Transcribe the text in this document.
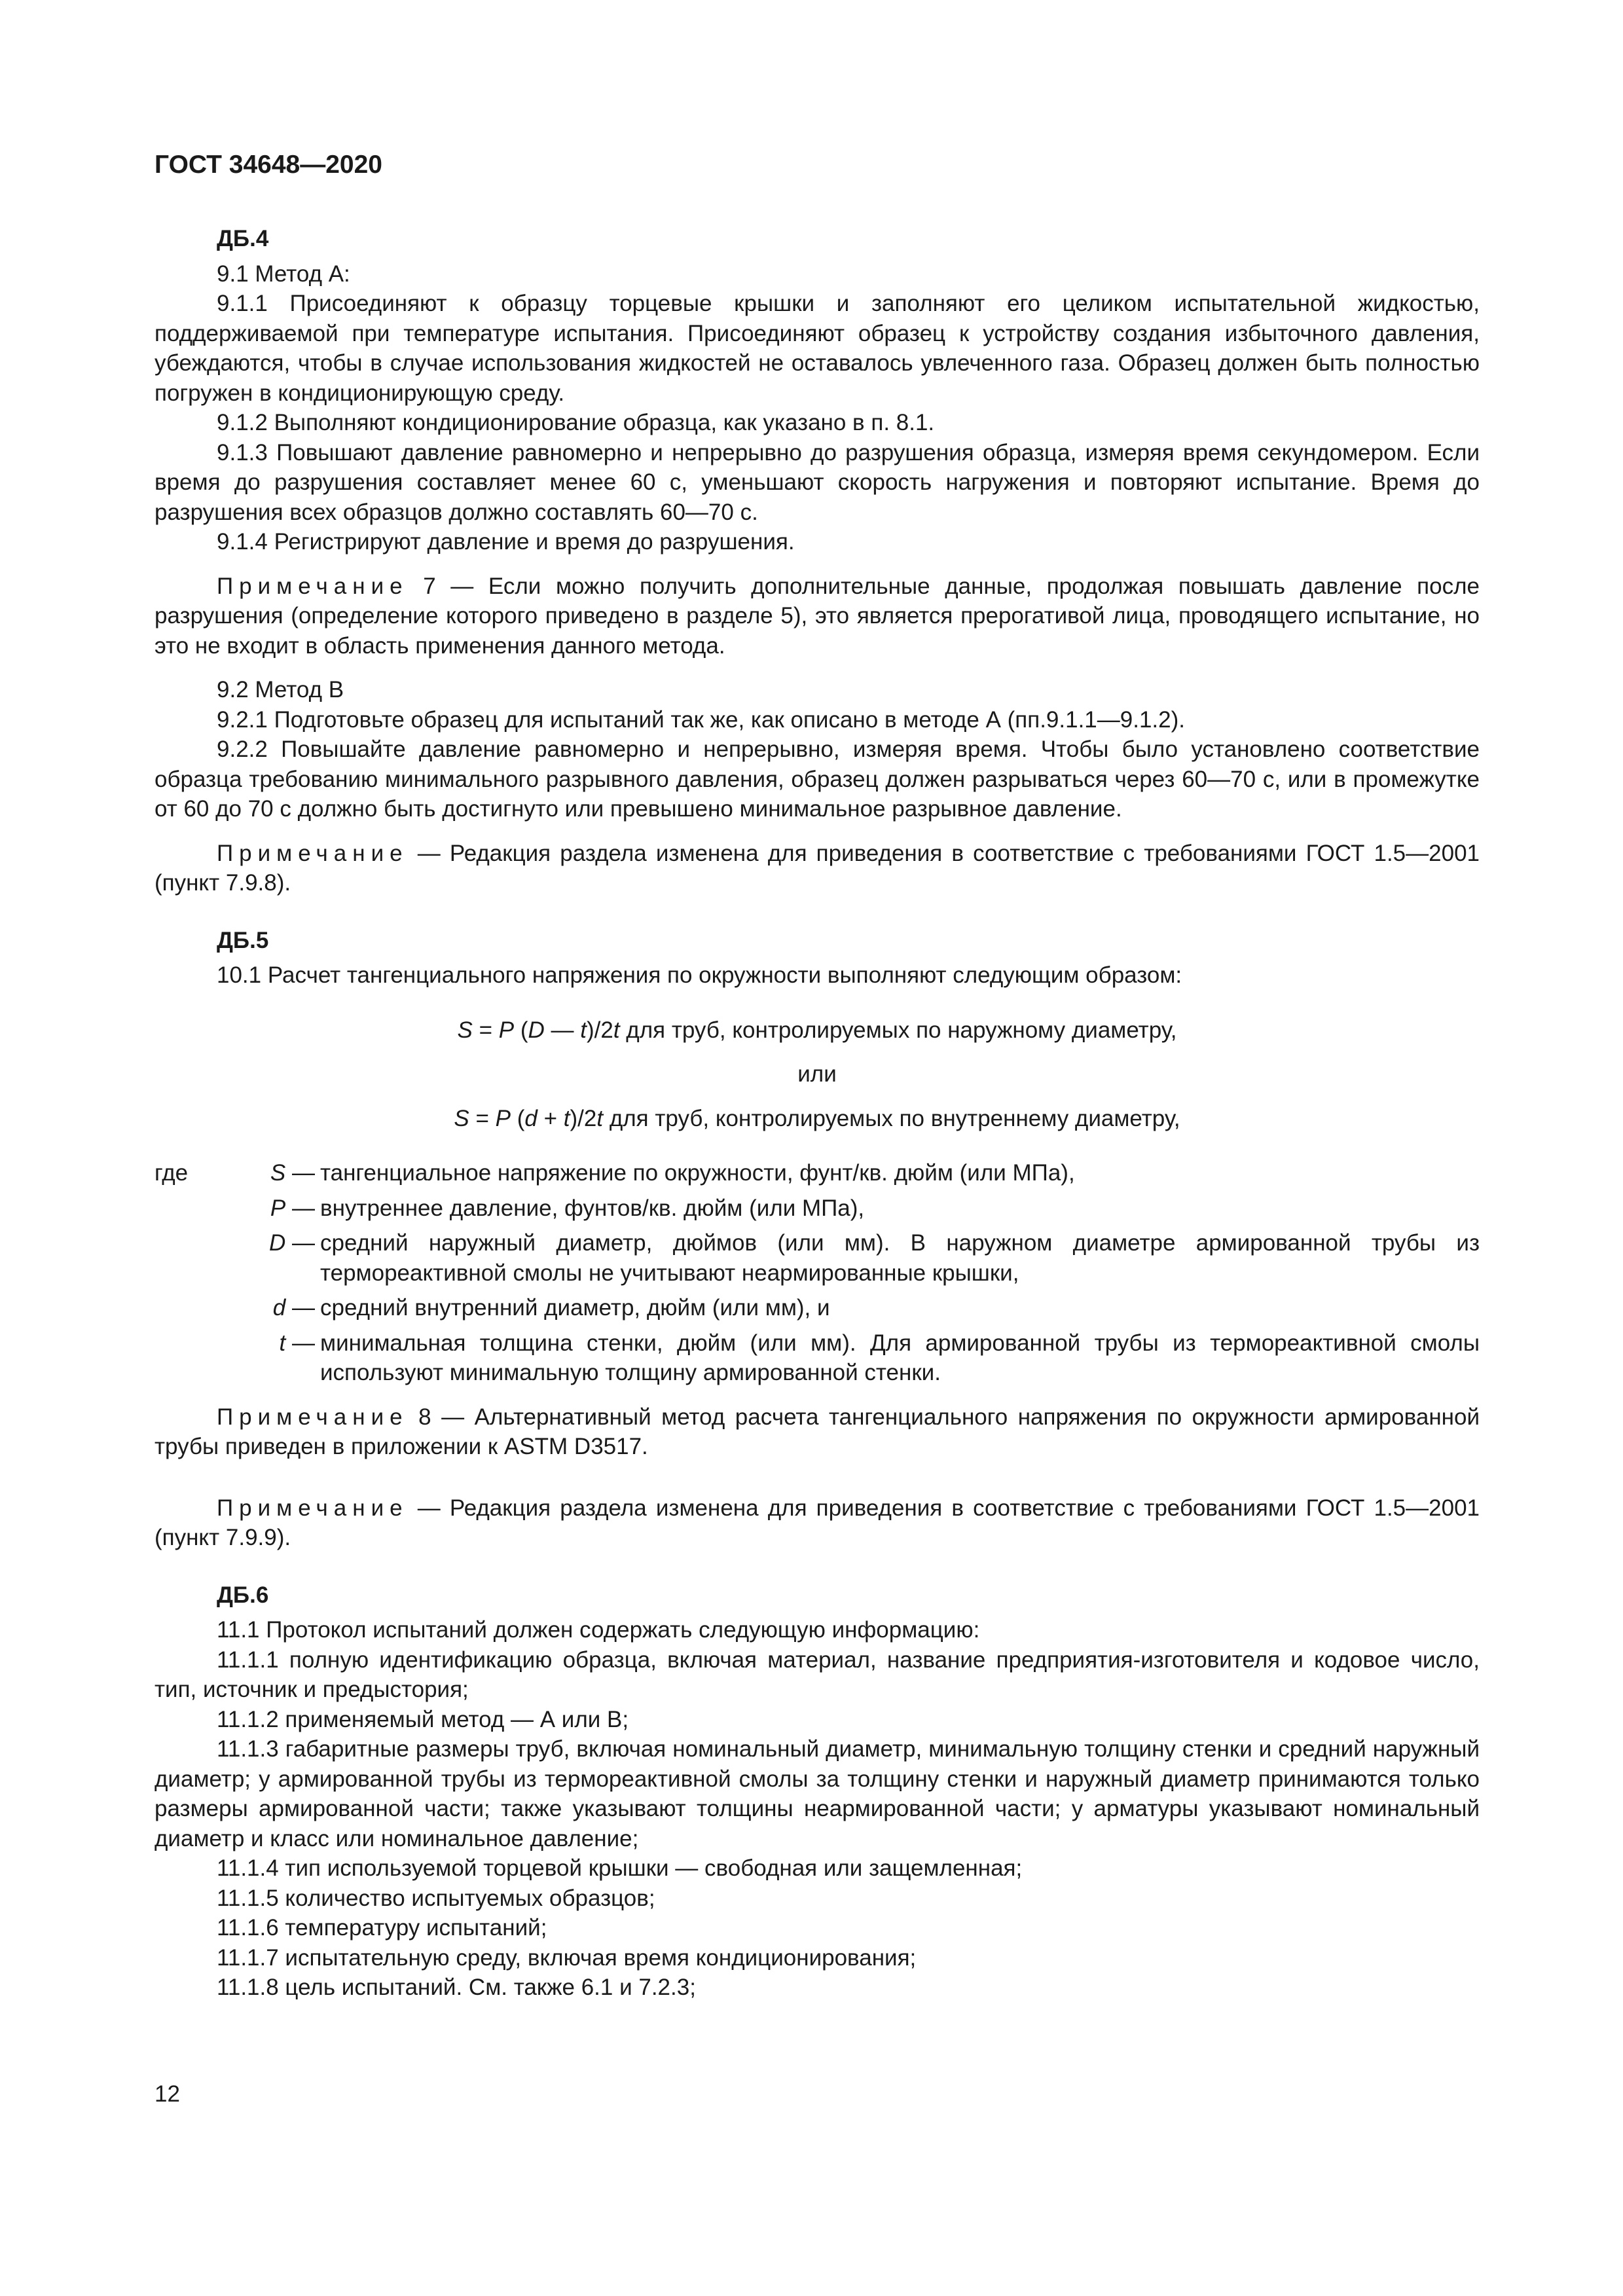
ГОСТ 34648—2020

ДБ.4

9.1 Метод А:

9.1.1 Присоединяют к образцу торцевые крышки и заполняют его целиком испытательной жидкостью, поддерживаемой при температуре испытания. Присоединяют образец к устройству создания избыточного давления, убеждаются, чтобы в случае использования жидкостей не оставалось увлеченного газа. Образец должен быть полностью погружен в кондиционирующую среду.

9.1.2 Выполняют кондиционирование образца, как указано в п. 8.1.

9.1.3 Повышают давление равномерно и непрерывно до разрушения образца, измеряя время секундомером. Если время до разрушения составляет менее 60 с, уменьшают скорость нагружения и повторяют испытание. Время до разрушения всех образцов должно составлять 60—70 с.

9.1.4 Регистрируют давление и время до разрушения.

Примечание 7 — Если можно получить дополнительные данные, продолжая повышать давление после разрушения (определение которого приведено в разделе 5), это является прерогативой лица, проводящего испытание, но это не входит в область применения данного метода.

9.2 Метод В

9.2.1 Подготовьте образец для испытаний так же, как описано в методе А (пп.9.1.1—9.1.2).

9.2.2 Повышайте давление равномерно и непрерывно, измеряя время. Чтобы было установлено соответствие образца требованию минимального разрывного давления, образец должен разрываться через 60—70 с, или в промежутке от 60 до 70 с должно быть достигнуто или превышено минимальное разрывное давление.

Примечание — Редакция раздела изменена для приведения в соответствие с требованиями ГОСТ 1.5—2001 (пункт 7.9.8).

ДБ.5

10.1 Расчет тангенциального напряжения по окружности выполняют следующим образом:

S = P (D — t)/2t для труб, контролируемых по наружному диаметру,

или

S = P (d + t)/2t для труб, контролируемых по внутреннему диаметру,

где	S — тангенциальное напряжение по окружности, фунт/кв. дюйм (или МПа),
P — внутреннее давление, фунтов/кв. дюйм (или МПа),
D — средний наружный диаметр, дюймов (или мм). В наружном диаметре армированной трубы из термореактивной смолы не учитывают неармированные крышки,
d — средний внутренний диаметр, дюйм (или мм), и
t — минимальная толщина стенки, дюйм (или мм). Для армированной трубы из термореактивной смолы используют минимальную толщину армированной стенки.

Примечание 8 — Альтернативный метод расчета тангенциального напряжения по окружности армированной трубы приведен в приложении к ASTM D3517.

Примечание — Редакция раздела изменена для приведения в соответствие с требованиями ГОСТ 1.5—2001 (пункт 7.9.9).

ДБ.6

11.1 Протокол испытаний должен содержать следующую информацию:

11.1.1 полную идентификацию образца, включая материал, название предприятия-изготовителя и кодовое число, тип, источник и предыстория;

11.1.2 применяемый метод — А или В;

11.1.3 габаритные размеры труб, включая номинальный диаметр, минимальную толщину стенки и средний наружный диаметр; у армированной трубы из термореактивной смолы за толщину стенки и наружный диаметр принимаются только размеры армированной части; также указывают толщины неармированной части; у арматуры указывают номинальный диаметр и класс или номинальное давление;

11.1.4 тип используемой торцевой крышки — свободная или защемленная;

11.1.5 количество испытуемых образцов;

11.1.6 температуру испытаний;

11.1.7 испытательную среду, включая время кондиционирования;

11.1.8 цель испытаний. См. также 6.1 и 7.2.3;

12
